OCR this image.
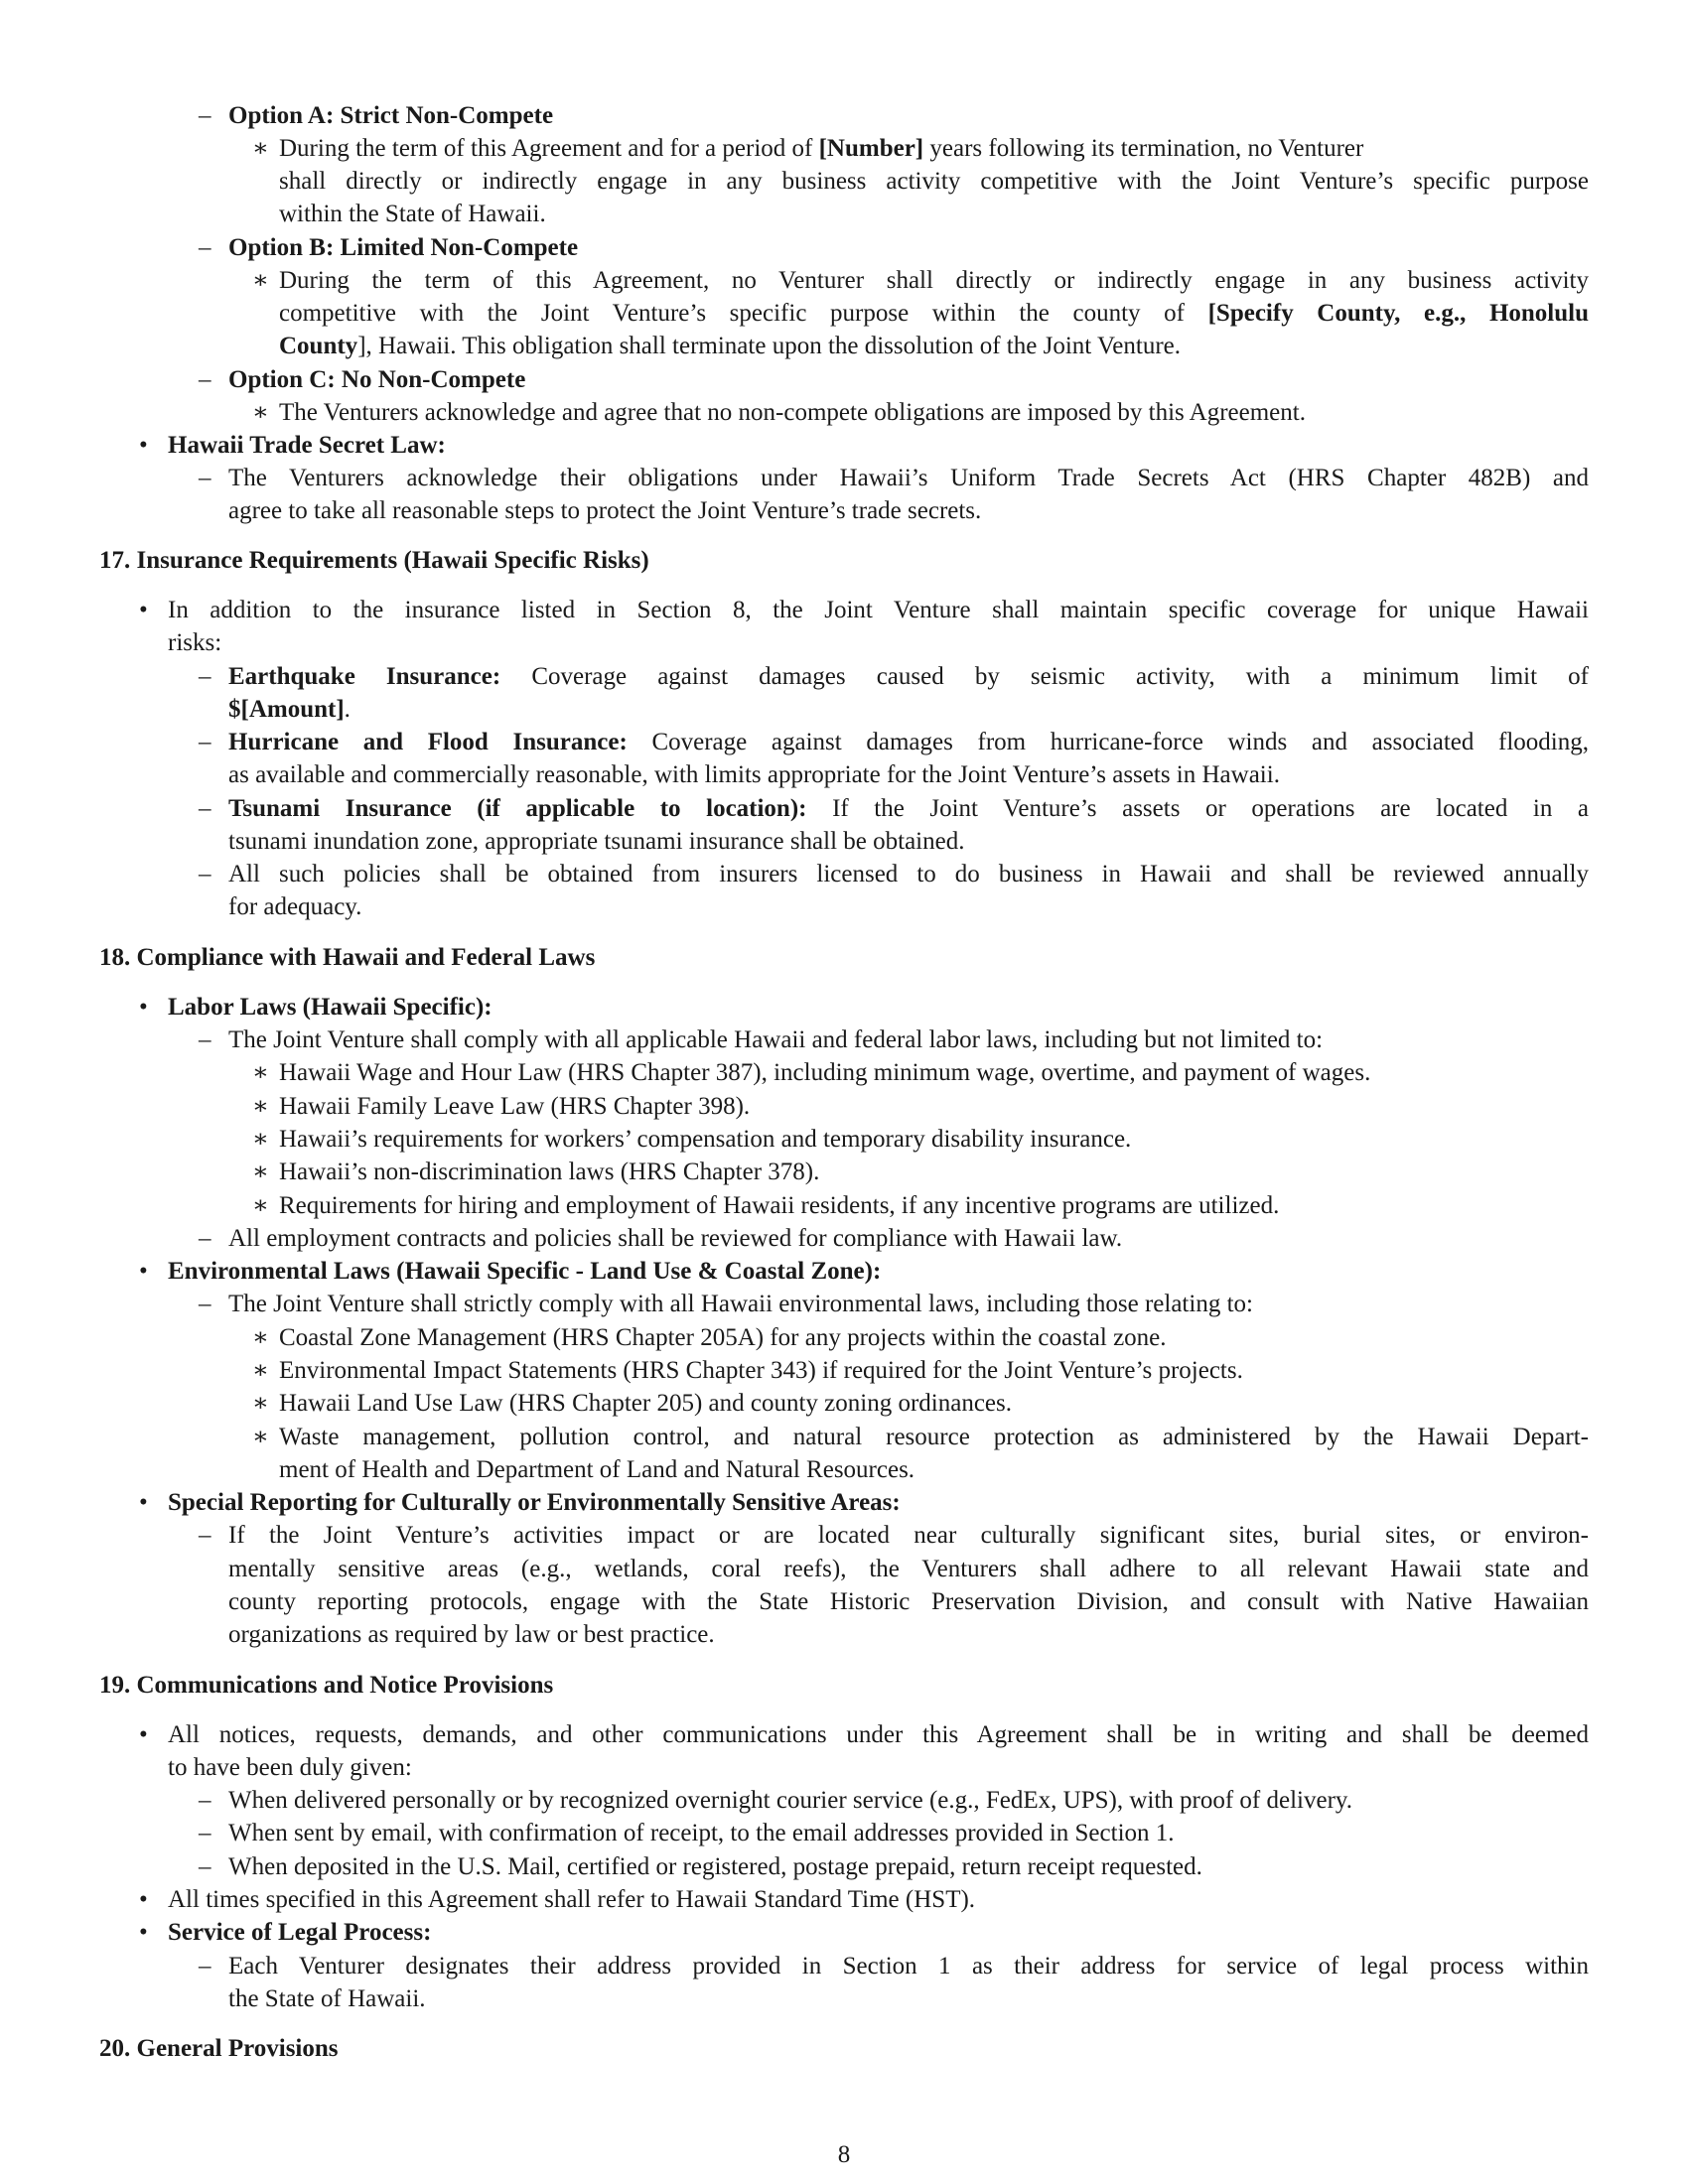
– Option A: Strict Non-Compete
∗ During the term of this Agreement and for a period of [Number] years following its termination, no Venturer
shall directly or indirectly engage in any business activity competitive with the Joint Venture’s specific purpose
within the State of Hawaii.
– Option B: Limited Non-Compete
∗ During the term of this Agreement, no Venturer shall directly or indirectly engage in any business activity
competitive with the Joint Venture’s specific purpose within the county of [Specify County, e.g., Honolulu
County], Hawaii. This obligation shall terminate upon the dissolution of the Joint Venture.
– Option C: No Non-Compete
∗ The Venturers acknowledge and agree that no non-compete obligations are imposed by this Agreement.
• Hawaii Trade Secret Law:
– The Venturers acknowledge their obligations under Hawaii’s Uniform Trade Secrets Act (HRS Chapter 482B) and
agree to take all reasonable steps to protect the Joint Venture’s trade secrets.
17. Insurance Requirements (Hawaii Specific Risks)
• In addition to the insurance listed in Section 8, the Joint Venture shall maintain specific coverage for unique Hawaii
risks:
– Earthquake Insurance: Coverage against damages caused by seismic activity, with a minimum limit of
$[Amount].
– Hurricane and Flood Insurance: Coverage against damages from hurricane-force winds and associated flooding,
as available and commercially reasonable, with limits appropriate for the Joint Venture’s assets in Hawaii.
– Tsunami Insurance (if applicable to location): If the Joint Venture’s assets or operations are located in a
tsunami inundation zone, appropriate tsunami insurance shall be obtained.
– All such policies shall be obtained from insurers licensed to do business in Hawaii and shall be reviewed annually
for adequacy.
18. Compliance with Hawaii and Federal Laws
• Labor Laws (Hawaii Specific):
– The Joint Venture shall comply with all applicable Hawaii and federal labor laws, including but not limited to:
∗ Hawaii Wage and Hour Law (HRS Chapter 387), including minimum wage, overtime, and payment of wages.
∗ Hawaii Family Leave Law (HRS Chapter 398).
∗ Hawaii’s requirements for workers’ compensation and temporary disability insurance.
∗ Hawaii’s non-discrimination laws (HRS Chapter 378).
∗ Requirements for hiring and employment of Hawaii residents, if any incentive programs are utilized.
– All employment contracts and policies shall be reviewed for compliance with Hawaii law.
• Environmental Laws (Hawaii Specific - Land Use & Coastal Zone):
– The Joint Venture shall strictly comply with all Hawaii environmental laws, including those relating to:
∗ Coastal Zone Management (HRS Chapter 205A) for any projects within the coastal zone.
∗ Environmental Impact Statements (HRS Chapter 343) if required for the Joint Venture’s projects.
∗ Hawaii Land Use Law (HRS Chapter 205) and county zoning ordinances.
∗ Waste management, pollution control, and natural resource protection as administered by the Hawaii Depart-
ment of Health and Department of Land and Natural Resources.
• Special Reporting for Culturally or Environmentally Sensitive Areas:
– If the Joint Venture’s activities impact or are located near culturally significant sites, burial sites, or environ-
mentally sensitive areas (e.g., wetlands, coral reefs), the Venturers shall adhere to all relevant Hawaii state and
county reporting protocols, engage with the State Historic Preservation Division, and consult with Native Hawaiian
organizations as required by law or best practice.
19. Communications and Notice Provisions
• All notices, requests, demands, and other communications under this Agreement shall be in writing and shall be deemed
to have been duly given:
– When delivered personally or by recognized overnight courier service (e.g., FedEx, UPS), with proof of delivery.
– When sent by email, with confirmation of receipt, to the email addresses provided in Section 1.
– When deposited in the U.S. Mail, certified or registered, postage prepaid, return receipt requested.
• All times specified in this Agreement shall refer to Hawaii Standard Time (HST).
• Service of Legal Process:
– Each Venturer designates their address provided in Section 1 as their address for service of legal process within
the State of Hawaii.
20. General Provisions
8
